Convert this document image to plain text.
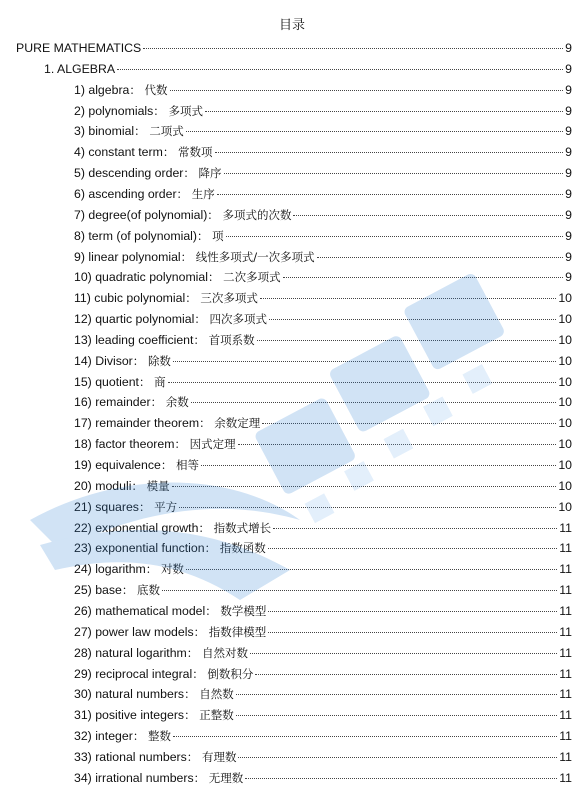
目录
PURE MATHEMATICS	9
1. ALGEBRA	9
1) algebra： 代数	9
2) polynomials： 多项式	9
3) binomial： 二项式	9
4) constant term： 常数项	9
5) descending order： 降序	9
6) ascending order： 生序	9
7) degree(of polynomial)： 多项式的次数	9
8) term (of polynomial)： 项	9
9) linear polynomial： 线性多项式/一次多项式	9
10) quadratic polynomial： 二次多项式	9
11) cubic polynomial： 三次多项式	10
12) quartic polynomial： 四次多项式	10
13) leading coefficient： 首项系数	10
14) Divisor： 除数	10
15) quotient： 商	10
16) remainder： 余数	10
17) remainder theorem： 余数定理	10
18) factor theorem： 因式定理	10
19) equivalence： 相等	10
20) moduli： 模量	10
21) squares： 平方	10
22) exponential growth： 指数式增长	11
23) exponential function： 指数函数	11
24) logarithm： 对数	11
25) base： 底数	11
26) mathematical model： 数学模型	11
27) power law models： 指数律模型	11
28) natural logarithm： 自然对数	11
29) reciprocal integral： 倒数积分	11
30) natural numbers： 自然数	11
31) positive integers： 正整数	11
32) integer： 整数	11
33) rational numbers： 有理数	11
34) irrational numbers： 无理数	11
